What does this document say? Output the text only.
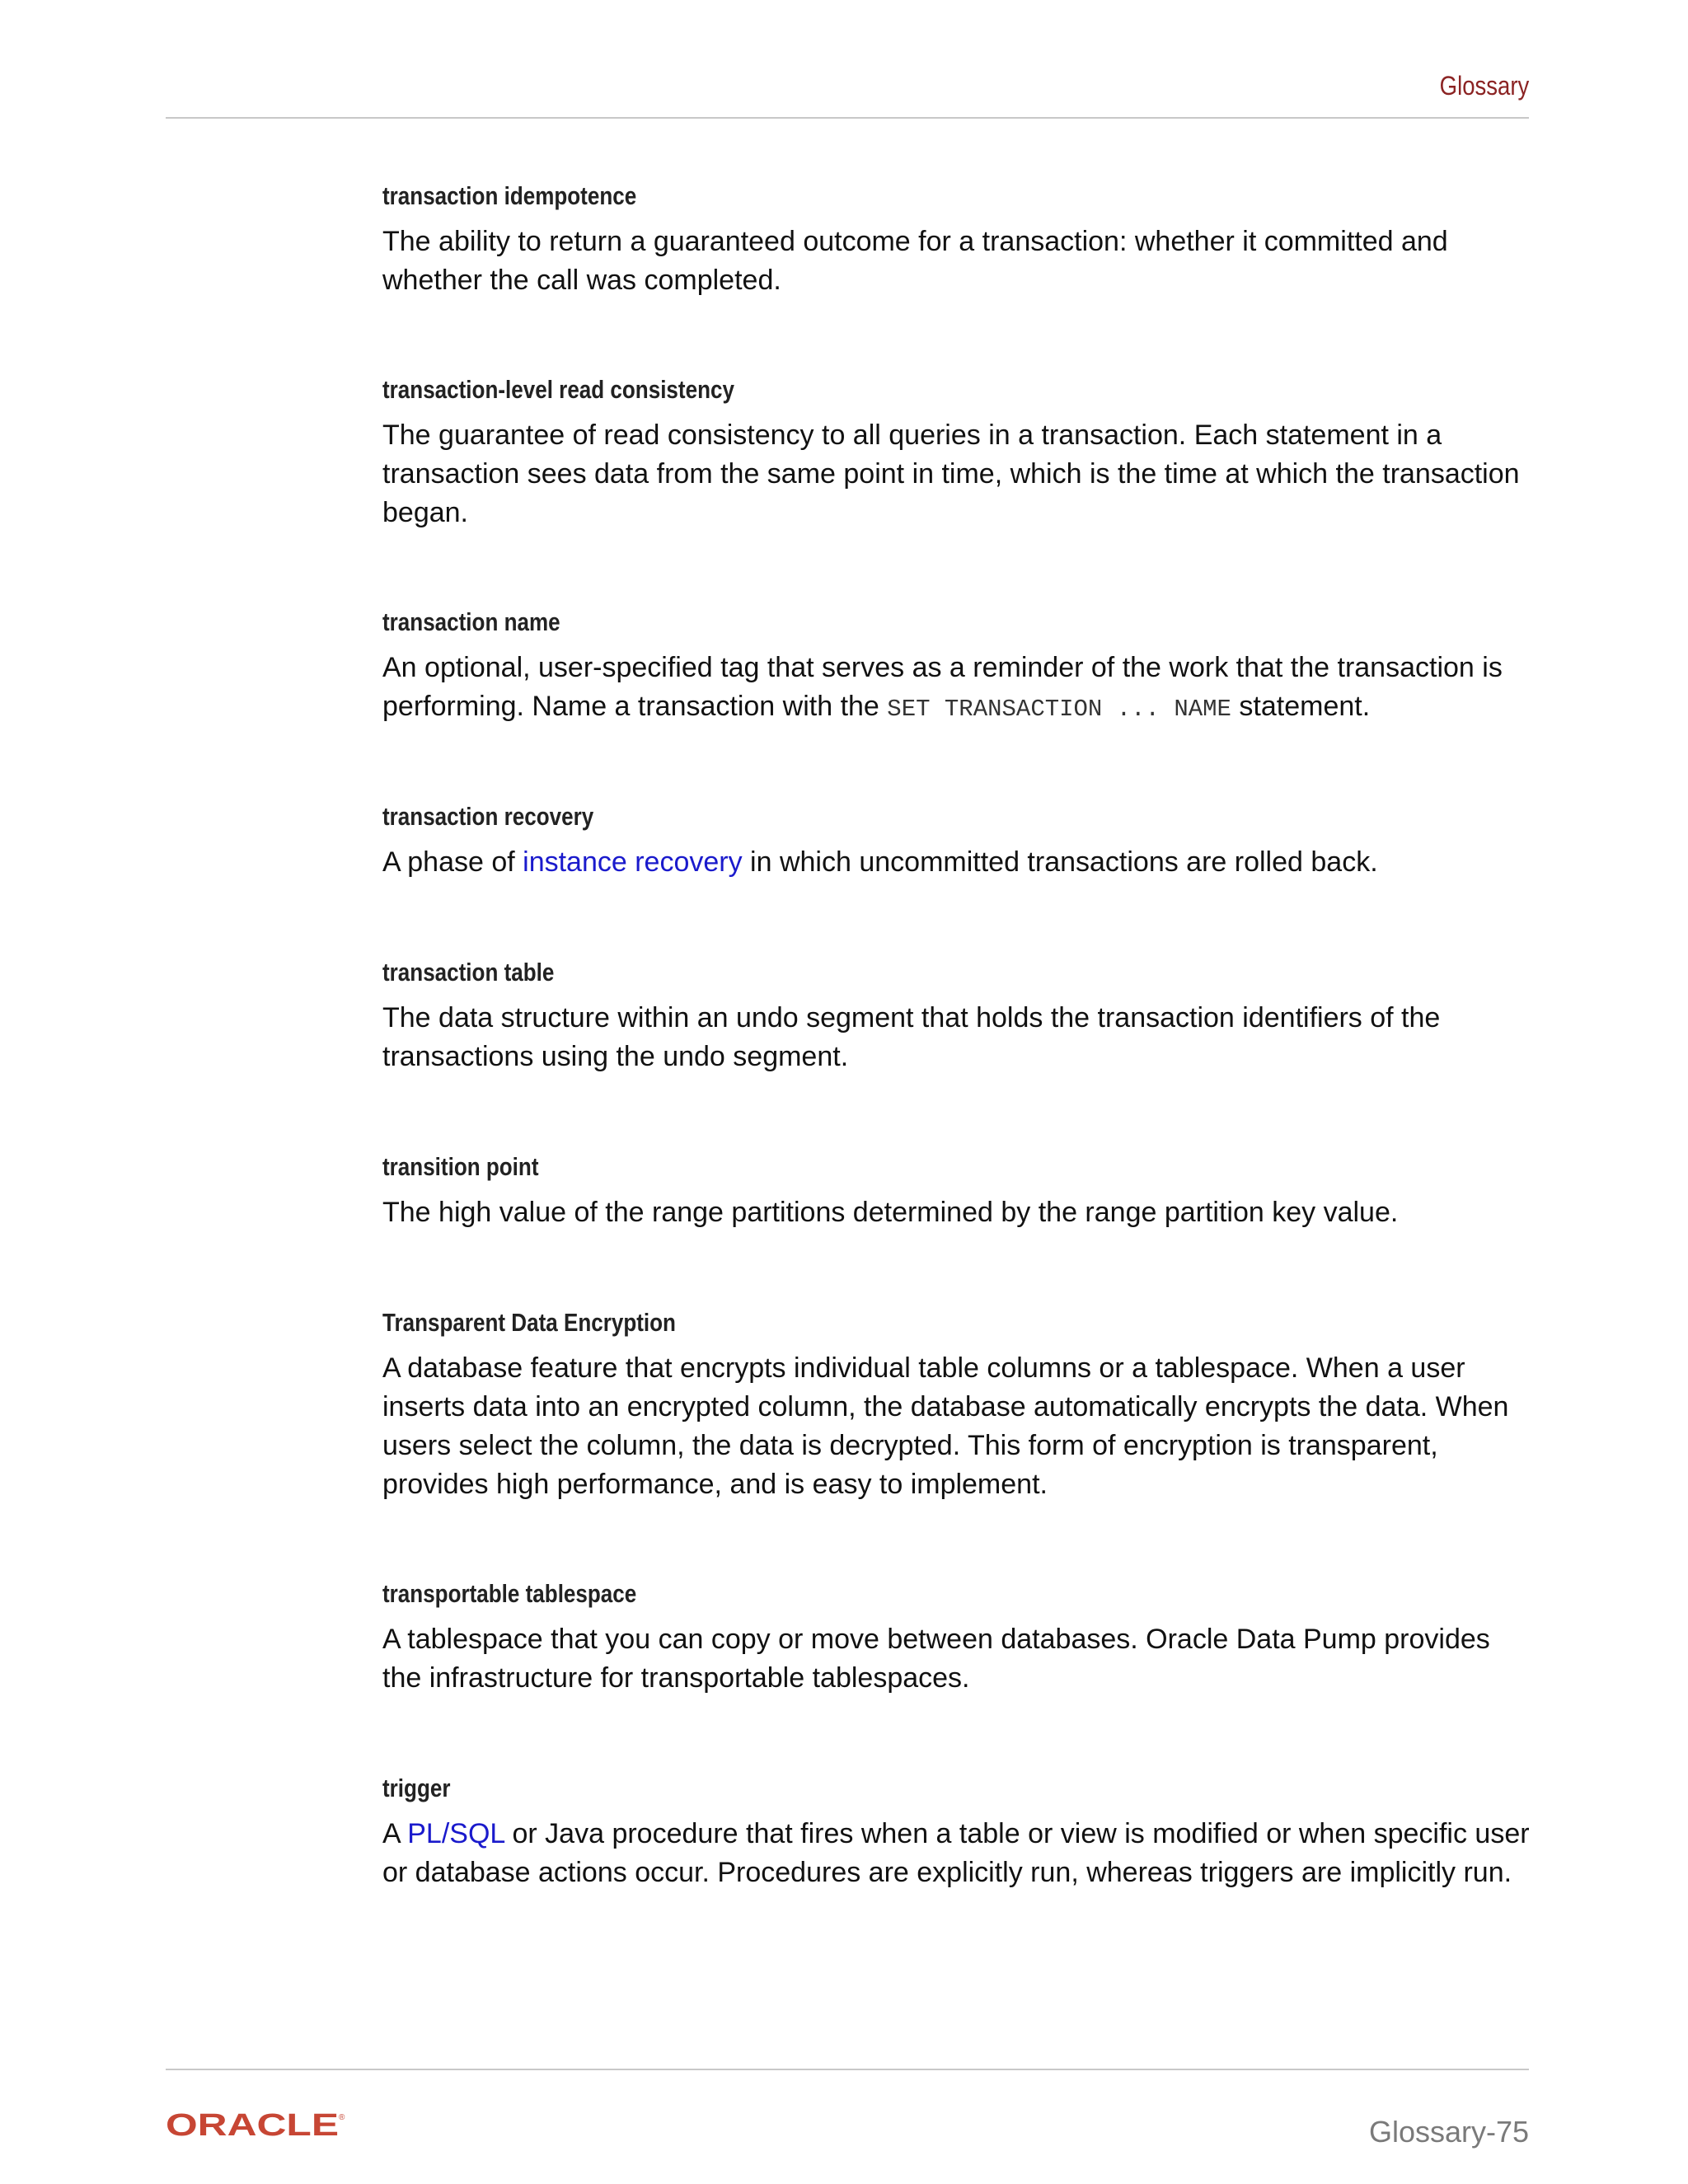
Glossary
transaction idempotence
The ability to return a guaranteed outcome for a transaction: whether it committed and whether the call was completed.
transaction-level read consistency
The guarantee of read consistency to all queries in a transaction. Each statement in a transaction sees data from the same point in time, which is the time at which the transaction began.
transaction name
An optional, user-specified tag that serves as a reminder of the work that the transaction is performing. Name a transaction with the SET TRANSACTION ... NAME statement.
transaction recovery
A phase of instance recovery in which uncommitted transactions are rolled back.
transaction table
The data structure within an undo segment that holds the transaction identifiers of the transactions using the undo segment.
transition point
The high value of the range partitions determined by the range partition key value.
Transparent Data Encryption
A database feature that encrypts individual table columns or a tablespace. When a user inserts data into an encrypted column, the database automatically encrypts the data. When users select the column, the data is decrypted. This form of encryption is transparent, provides high performance, and is easy to implement.
transportable tablespace
A tablespace that you can copy or move between databases. Oracle Data Pump provides the infrastructure for transportable tablespaces.
trigger
A PL/SQL or Java procedure that fires when a table or view is modified or when specific user or database actions occur. Procedures are explicitly run, whereas triggers are implicitly run.
ORACLE ®	Glossary-75
